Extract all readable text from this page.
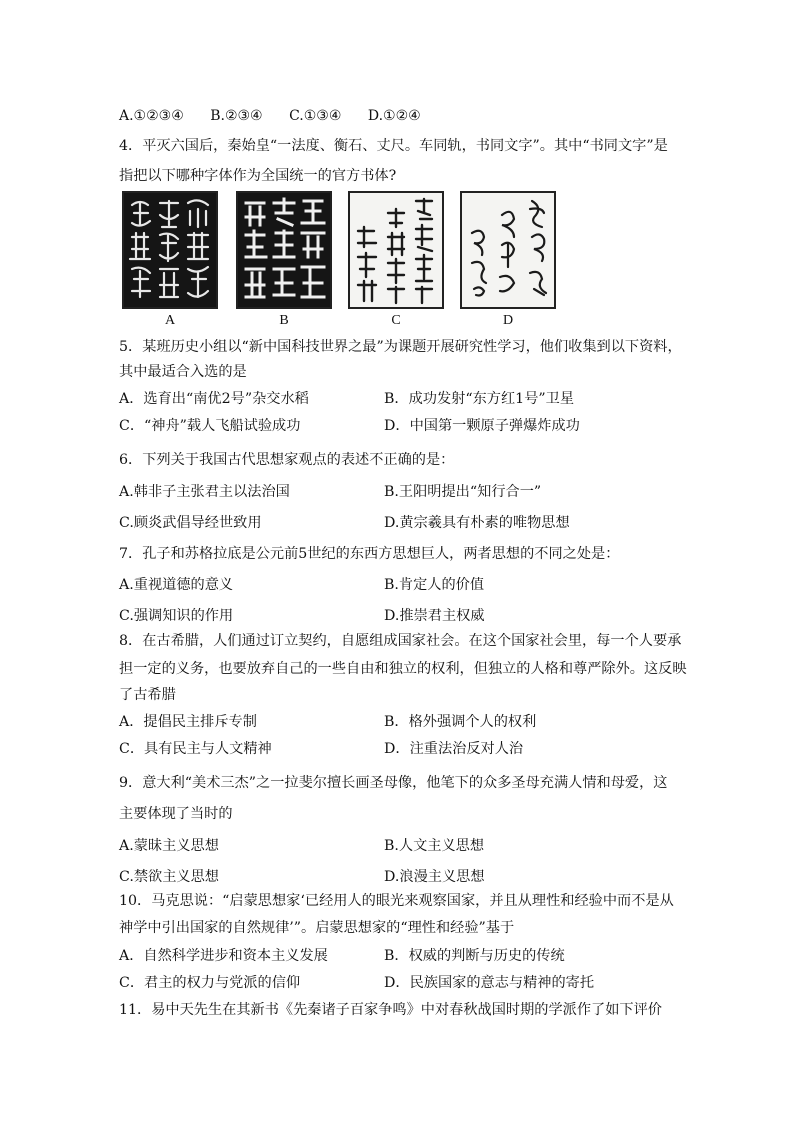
A.①②③④ B.②③④ C.①③④ D.①②④
4．平灭六国后，秦始皇“一法度、衡石、丈尺。车同轨，书同文字”。其中“书同文字”是
指把以下哪种字体作为全国统一的官方书体?
A	B	C	D
5．某班历史小组以“新中国科技世界之最”为课题开展研究性学习，他们收集到以下资料，
其中最适合入选的是
A．选育出“南优2号”杂交水稻	B．成功发射“东方红1号”卫星
C．“神舟”载人飞船试验成功	D．中国第一颗原子弹爆炸成功
6．下列关于我国古代思想家观点的表述不正确的是：
A.韩非子主张君主以法治国	B.王阳明提出“知行合一”
C.顾炎武倡导经世致用	D.黄宗羲具有朴素的唯物思想
7．孔子和苏格拉底是公元前5世纪的东西方思想巨人，两者思想的不同之处是：
A.重视道德的意义	B.肯定人的价值
C.强调知识的作用	D.推崇君主权威
8．在古希腊，人们通过订立契约，自愿组成国家社会。在这个国家社会里，每一个人要承
担一定的义务，也要放弃自己的一些自由和独立的权利，但独立的人格和尊严除外。这反映
了古希腊
A．提倡民主排斥专制	B．格外强调个人的权利
C．具有民主与人文精神	D．注重法治反对人治
9．意大利“美术三杰”之一拉斐尔擅长画圣母像，他笔下的众多圣母充满人情和母爱，这
主要体现了当时的
A.蒙昧主义思想	B.人文主义思想
C.禁欲主义思想	D.浪漫主义思想
10．马克思说：“启蒙思想家‘已经用人的眼光来观察国家，并且从理性和经验中而不是从
神学中引出国家的自然规律’”。启蒙思想家的“理性和经验”基于
A．自然科学进步和资本主义发展	B．权威的判断与历史的传统
C．君主的权力与党派的信仰	D．民族国家的意志与精神的寄托
11．易中天先生在其新书《先秦诸子百家争鸣》中对春秋战国时期的学派作了如下评价
